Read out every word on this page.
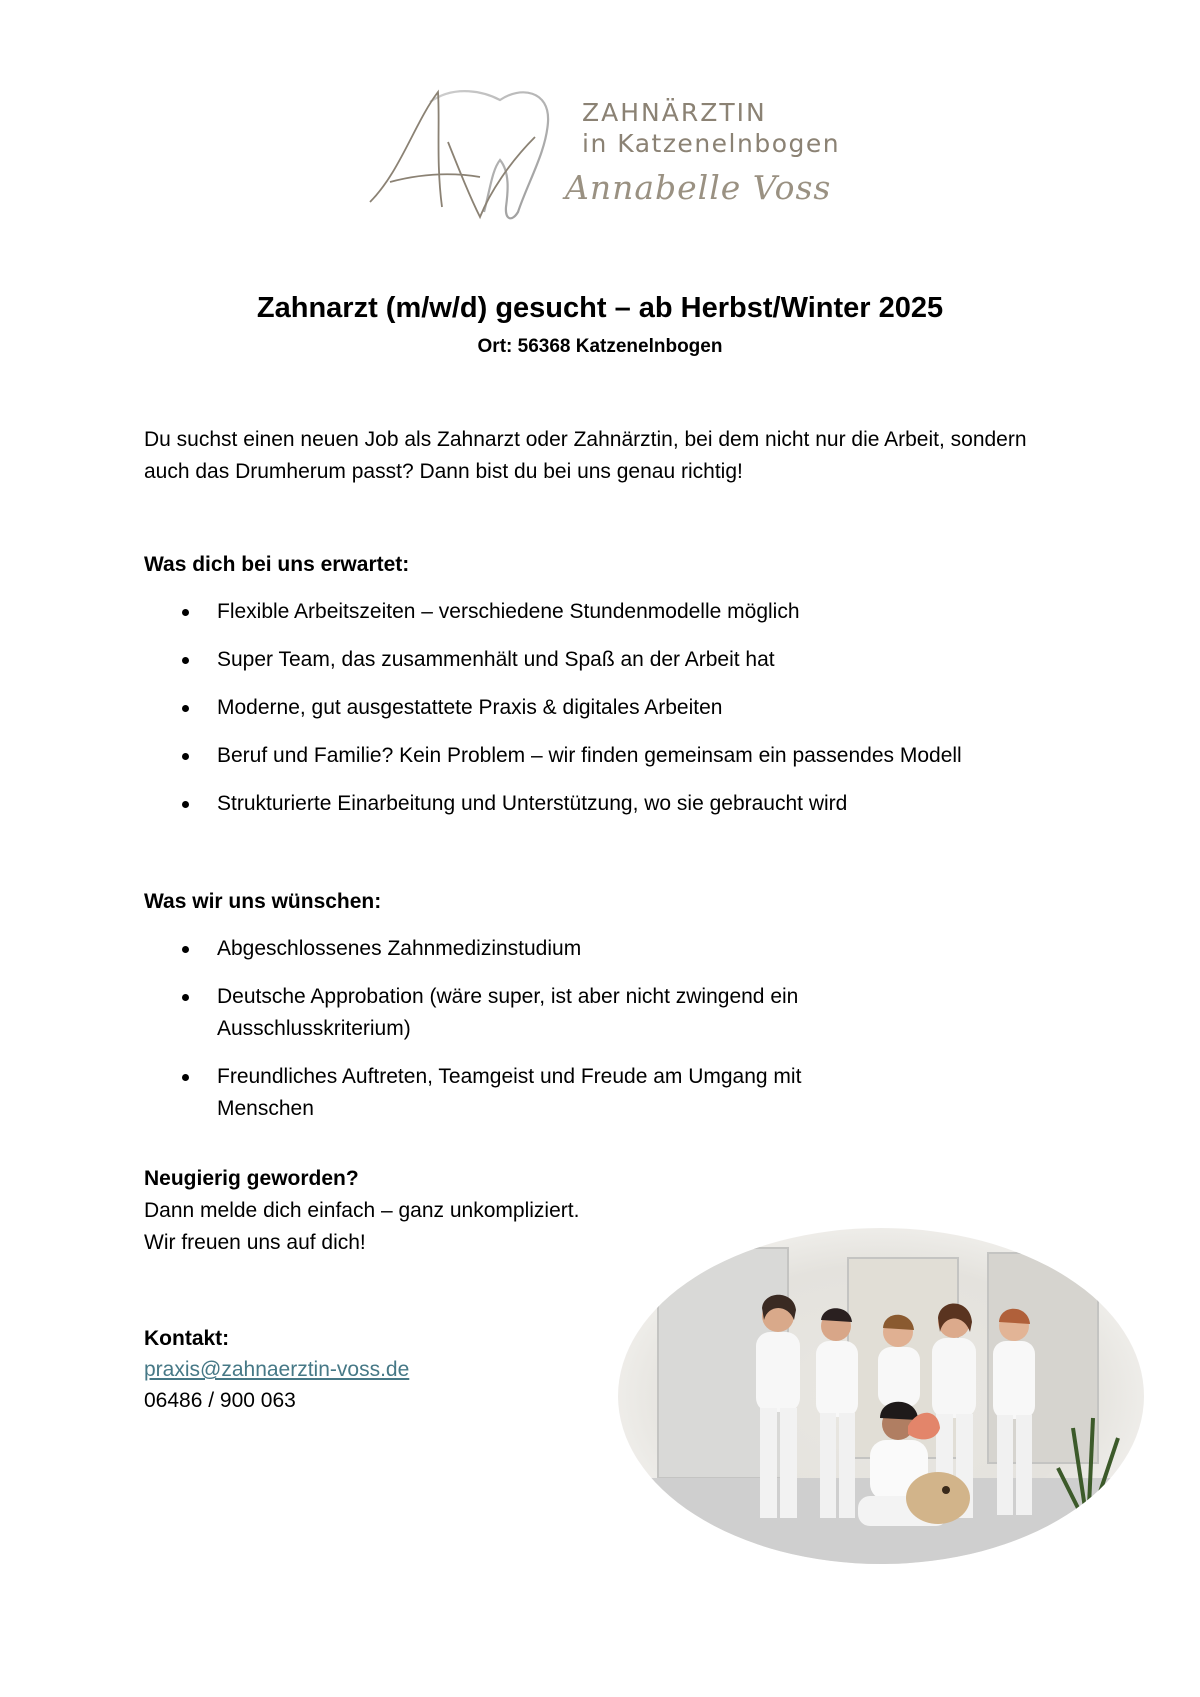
ZAHNÄRZTIN
in Katzenelnbogen
Annabelle Voss
Zahnarzt (m/w/d) gesucht – ab Herbst/Winter 2025
Ort: 56368 Katzenelnbogen

Du suchst einen neuen Job als Zahnarzt oder Zahnärztin, bei dem nicht nur die Arbeit, sondern auch das Drumherum passt? Dann bist du bei uns genau richtig!

Was dich bei uns erwartet:
Flexible Arbeitszeiten – verschiedene Stundenmodelle möglich
Super Team, das zusammenhält und Spaß an der Arbeit hat
Moderne, gut ausgestattete Praxis & digitales Arbeiten
Beruf und Familie? Kein Problem – wir finden gemeinsam ein passendes Modell
Strukturierte Einarbeitung und Unterstützung, wo sie gebraucht wird
Was wir uns wünschen:
Abgeschlossenes Zahnmedizinstudium
Deutsche Approbation (wäre super, ist aber nicht zwingend ein Ausschlusskriterium)
Freundliches Auftreten, Teamgeist und Freude am Umgang mit Menschen
Neugierig geworden?
Dann melde dich einfach – ganz unkompliziert.
Wir freuen uns auf dich!
Kontakt:
praxis@zahnaerztin-voss.de
06486 / 900 063
